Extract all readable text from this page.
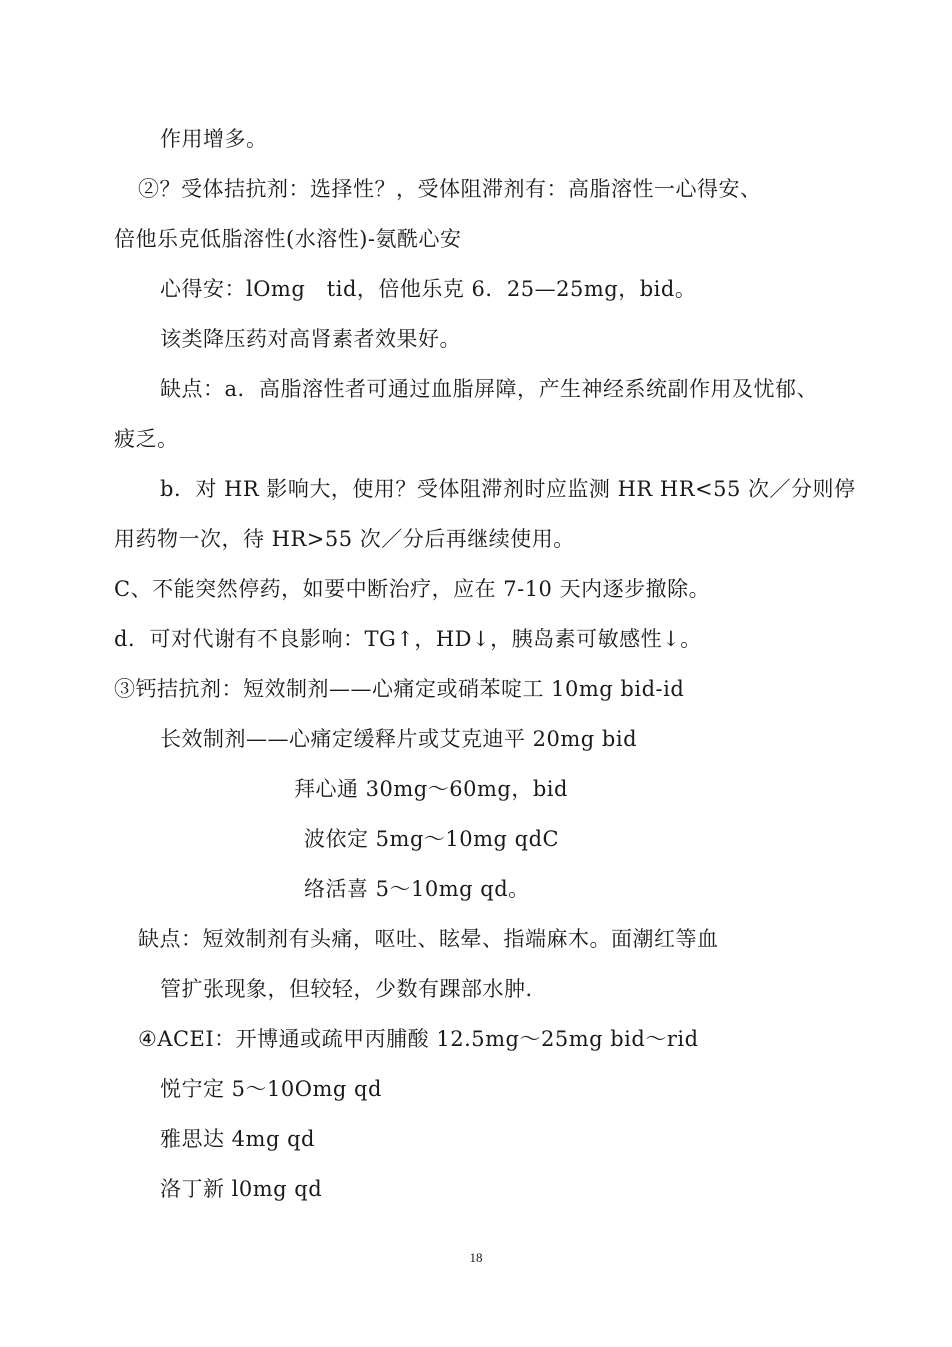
作用增多。
②？受体拮抗剂：选择性？，受体阻滞剂有：高脂溶性一心得安、
倍他乐克低脂溶性(水溶性)-氨酰心安
心得安：lOmg　tid，倍他乐克 6．25—25mg，bid。
该类降压药对高肾素者效果好。
缺点：a．高脂溶性者可通过血脂屏障，产生神经系统副作用及忧郁、
疲乏。
b．对 HR 影响大，使用？受体阻滞剂时应监测 HR HR<55 次／分则停
用药物一次，待 HR>55 次／分后再继续使用。
C、不能突然停药，如要中断治疗，应在 7-10 天内逐步撤除。
d．可对代谢有不良影响：TG↑，HD↓，胰岛素可敏感性↓。
③钙拮抗剂：短效制剂——心痛定或硝苯啶工 10mg bid-id
长效制剂——心痛定缓释片或艾克迪平 20mg bid
拜心通 30mg～60mg，bid
波依定 5mg～10mg qdC
络活喜 5～10mg qd。
缺点：短效制剂有头痛，呕吐、眩晕、指端麻木。面潮红等血
管扩张现象，但较轻，少数有踝部水肿．
④ACEI：开博通或疏甲丙脯酸 12.5mg～25mg bid～rid
悦宁定 5～10Omg qd
雅思达 4mg qd
洛丁新 l0mg qd
18
